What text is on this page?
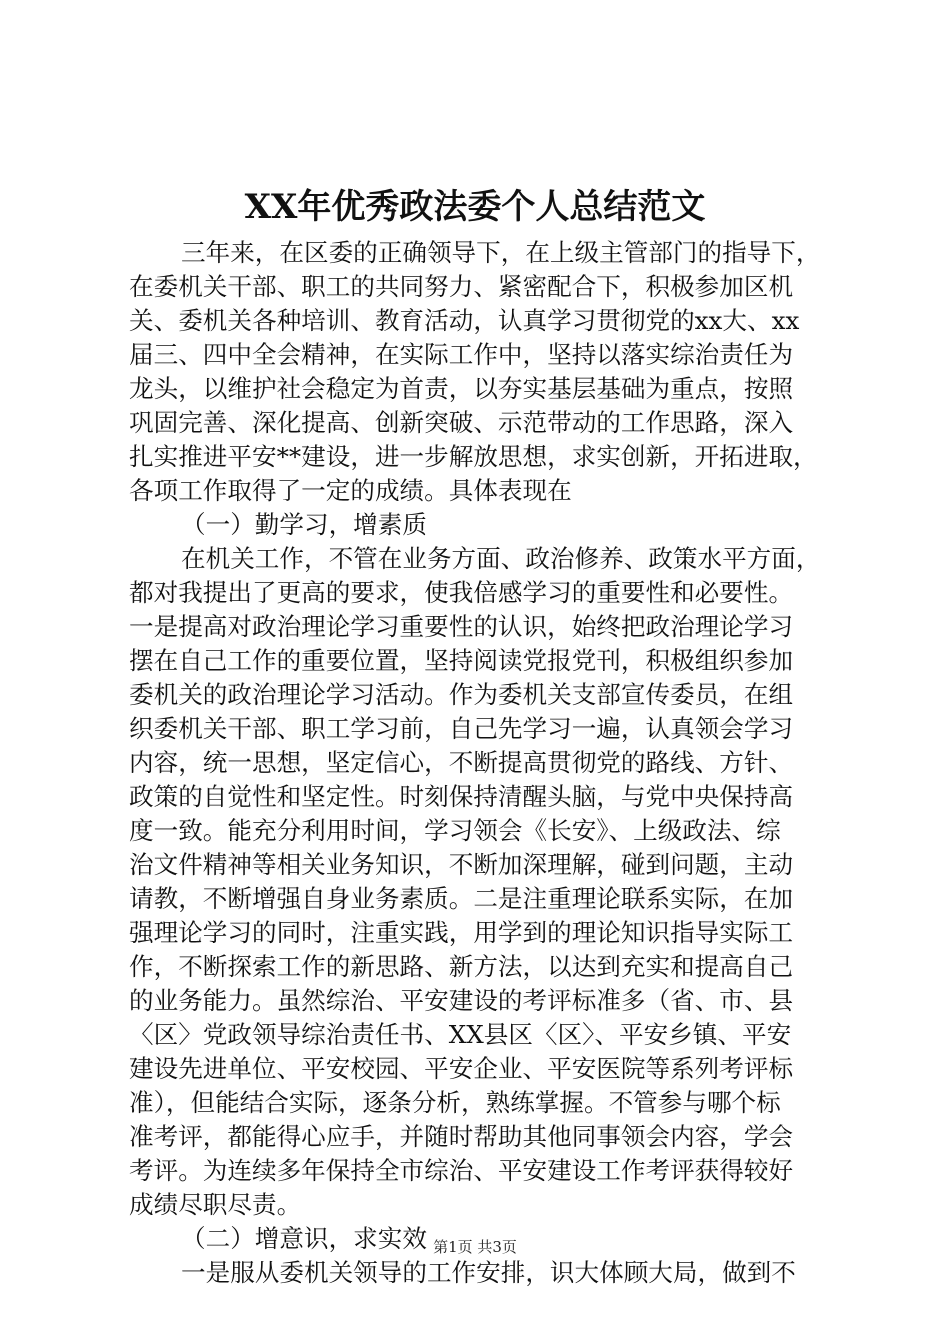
XX年优秀政法委个人总结范文
三年来，在区委的正确领导下，在上级主管部门的指导下，
在委机关干部、职工的共同努力、紧密配合下，积极参加区机
关、委机关各种培训、教育活动，认真学习贯彻党的xx大、xx
届三、四中全会精神，在实际工作中，坚持以落实综治责任为
龙头，以维护社会稳定为首责，以夯实基层基础为重点，按照
巩固完善、深化提高、创新突破、示范带动的工作思路，深入
扎实推进平安**建设，进一步解放思想，求实创新，开拓进取，
各项工作取得了一定的成绩。具体表现在
（一）勤学习，增素质
在机关工作，不管在业务方面、政治修养、政策水平方面，
都对我提出了更高的要求，使我倍感学习的重要性和必要性。
一是提高对政治理论学习重要性的认识，始终把政治理论学习
摆在自己工作的重要位置，坚持阅读党报党刊，积极组织参加
委机关的政治理论学习活动。作为委机关支部宣传委员，在组
织委机关干部、职工学习前，自己先学习一遍，认真领会学习
内容，统一思想，坚定信心，不断提高贯彻党的路线、方针、
政策的自觉性和坚定性。时刻保持清醒头脑，与党中央保持高
度一致。能充分利用时间，学习领会《长安》、上级政法、综
治文件精神等相关业务知识，不断加深理解，碰到问题，主动
请教，不断增强自身业务素质。二是注重理论联系实际，在加
强理论学习的同时，注重实践，用学到的理论知识指导实际工
作，不断探索工作的新思路、新方法，以达到充实和提高自己
的业务能力。虽然综治、平安建设的考评标准多（省、市、县
〈区〉党政领导综治责任书、XX县区〈区〉、平安乡镇、平安
建设先进单位、平安校园、平安企业、平安医院等系列考评标
准），但能结合实际，逐条分析，熟练掌握。不管参与哪个标
准考评，都能得心应手，并随时帮助其他同事领会内容，学会
考评。为连续多年保持全市综治、平安建设工作考评获得较好
成绩尽职尽责。
（二）增意识，求实效
一是服从委机关领导的工作安排，识大体顾大局，做到不
第1页 共3页
